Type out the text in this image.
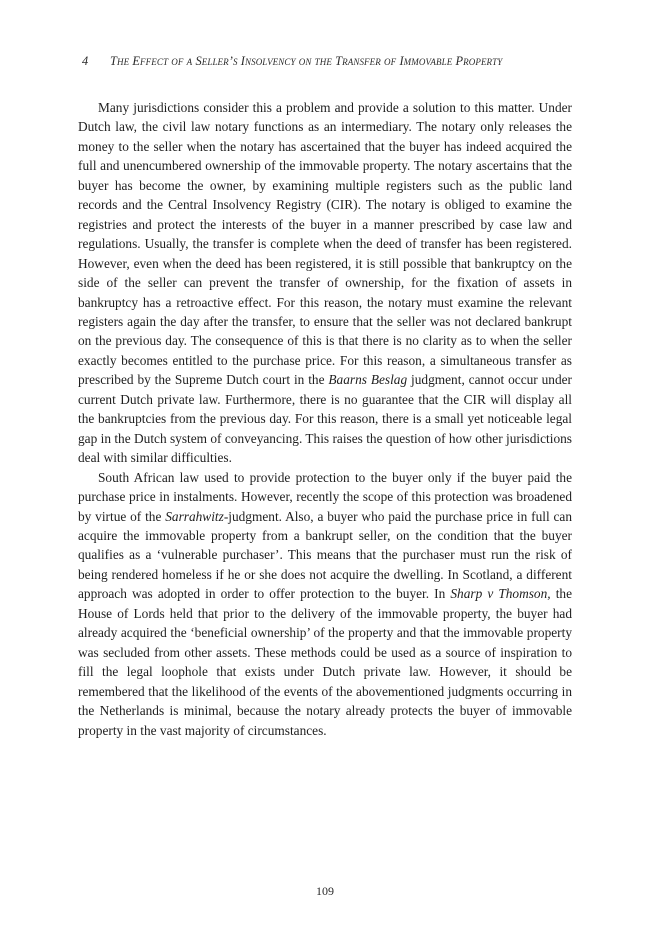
4 The Effect of a Seller’s Insolvency on the Transfer of Immovable Property

Many jurisdictions consider this a problem and provide a solution to this matter. Under Dutch law, the civil law notary functions as an intermediary. The notary only releases the money to the seller when the notary has ascertained that the buyer has indeed acquired the full and unencumbered ownership of the immovable property. The notary ascertains that the buyer has become the owner, by examining multiple registers such as the public land records and the Central Insolvency Registry (CIR). The notary is obliged to examine the registries and protect the interests of the buyer in a manner prescribed by case law and regulations. Usually, the transfer is complete when the deed of transfer has been registered. However, even when the deed has been registered, it is still possible that bankruptcy on the side of the seller can prevent the transfer of ownership, for the fixation of assets in bankruptcy has a retroactive effect. For this reason, the notary must examine the relevant registers again the day after the transfer, to ensure that the seller was not declared bankrupt on the previous day. The consequence of this is that there is no clarity as to when the seller exactly becomes entitled to the purchase price. For this reason, a simultaneous transfer as prescribed by the Supreme Dutch court in the Baarns Beslag judgment, cannot occur under current Dutch private law. Furthermore, there is no guarantee that the CIR will display all the bankruptcies from the previous day. For this reason, there is a small yet noticeable legal gap in the Dutch system of conveyancing. This raises the question of how other jurisdictions deal with similar difficulties.

South African law used to provide protection to the buyer only if the buyer paid the purchase price in instalments. However, recently the scope of this protection was broadened by virtue of the Sarrahwitz-judgment. Also, a buyer who paid the purchase price in full can acquire the immovable property from a bankrupt seller, on the condition that the buyer qualifies as a ‘vulnerable purchaser’. This means that the purchaser must run the risk of being rendered homeless if he or she does not acquire the dwelling. In Scotland, a different approach was adopted in order to offer protection to the buyer. In Sharp v Thomson, the House of Lords held that prior to the delivery of the immovable property, the buyer had already acquired the ‘beneficial ownership’ of the property and that the immovable property was secluded from other assets. These methods could be used as a source of inspiration to fill the legal loophole that exists under Dutch private law. However, it should be remembered that the likelihood of the events of the abovementioned judgments occurring in the Netherlands is minimal, because the notary already protects the buyer of immovable property in the vast majority of circumstances.

109
